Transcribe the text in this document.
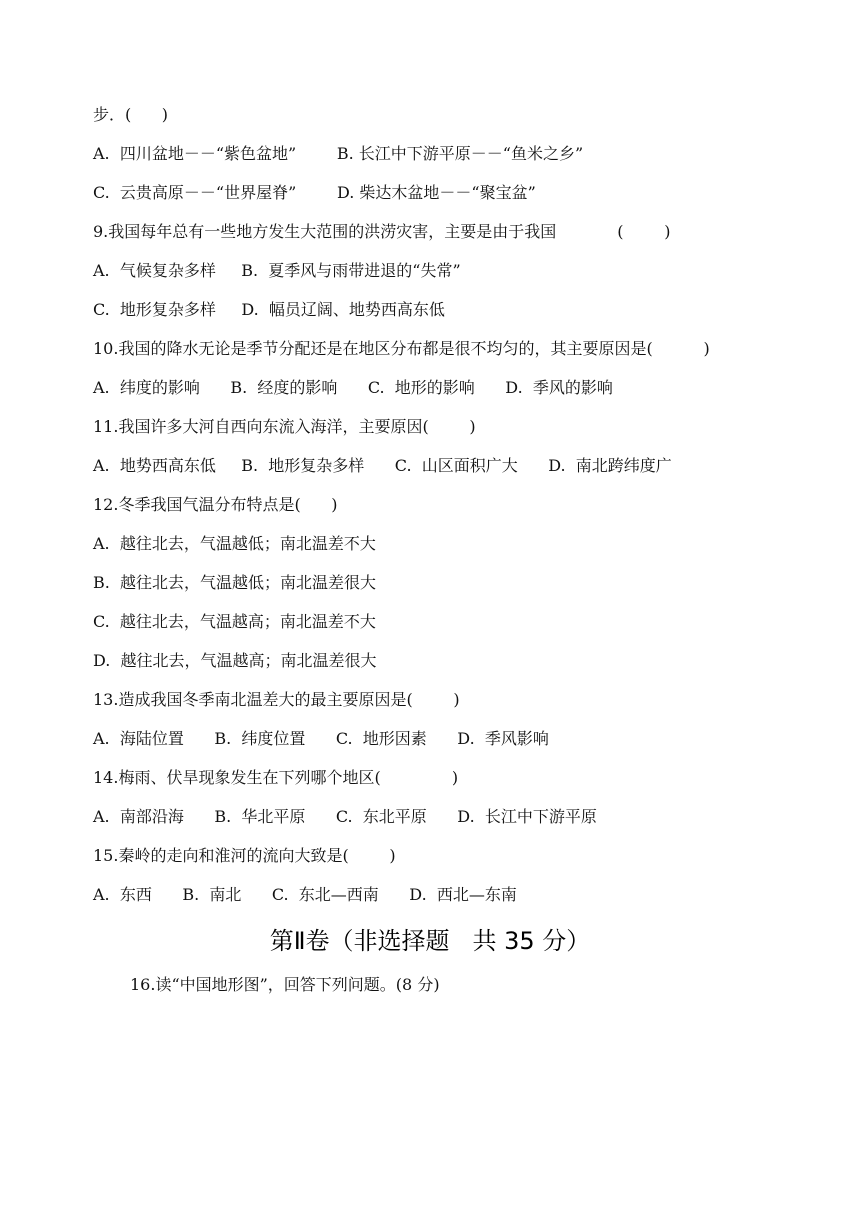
步．(      )
A.  四川盆地－－“紫色盆地”        B. 长江中下游平原－－“鱼米之乡”
C.  云贵高原－－“世界屋脊”        D. 柴达木盆地－－“聚宝盆”
9.我国每年总有一些地方发生大范围的洪涝灾害，主要是由于我国            (        )
A.  气候复杂多样     B.  夏季风与雨带进退的“失常”
C.  地形复杂多样     D.  幅员辽阔、地势西高东低
10.我国的降水无论是季节分配还是在地区分布都是很不均匀的，其主要原因是(          )
A.  纬度的影响      B.  经度的影响      C.  地形的影响      D.  季风的影响
11.我国许多大河自西向东流入海洋，主要原因(        )
A.  地势西高东低     B.  地形复杂多样      C.  山区面积广大      D.  南北跨纬度广
12.冬季我国气温分布特点是(      )
A.  越往北去，气温越低；南北温差不大
B.  越往北去，气温越低；南北温差很大
C.  越往北去，气温越高；南北温差不大
D.  越往北去，气温越高；南北温差很大
13.造成我国冬季南北温差大的最主要原因是(        )
A.  海陆位置      B.  纬度位置      C.  地形因素      D.  季风影响
14.梅雨、伏旱现象发生在下列哪个地区(              )
A.  南部沿海      B.  华北平原      C.  东北平原      D.  长江中下游平原
15.秦岭的走向和淮河的流向大致是(        )
A.  东西      B.  南北      C.  东北—西南      D.  西北—东南
第Ⅱ卷（非选择题   共 35 分）
16.读“中国地形图”，回答下列问题。(8 分)
